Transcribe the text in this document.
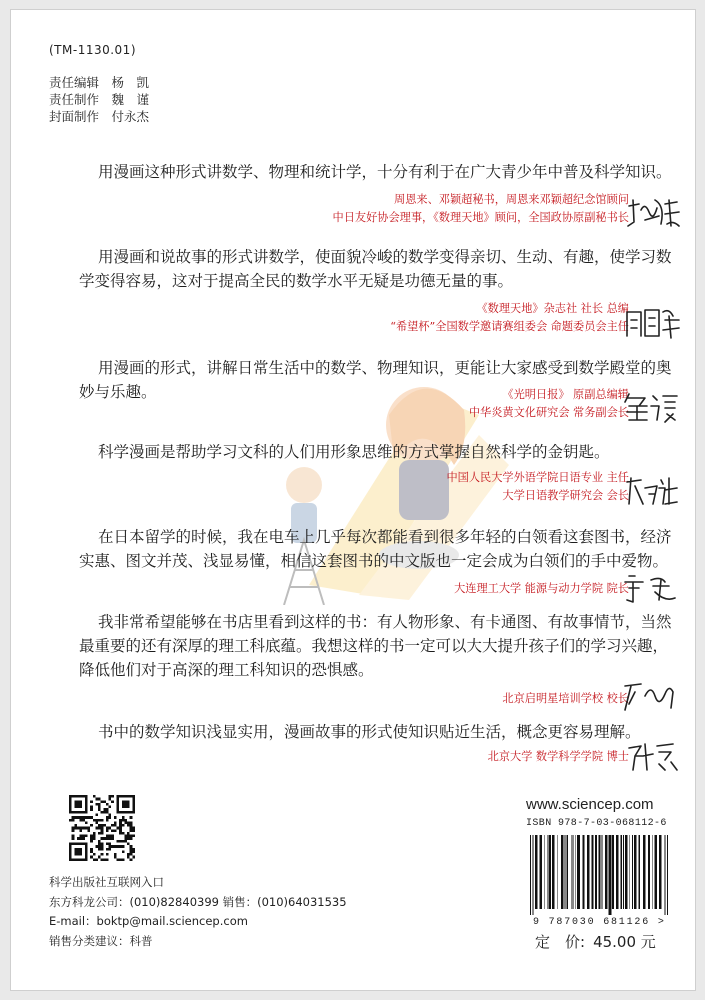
(TM-1130.01)
责任编辑　 杨　凯
责任制作　 魏　谨
封面制作　 付永杰
用漫画这种形式讲数学、物理和统计学，十分有利于在广大青少年中普及科学知识。
周恩来、邓颖超秘书，周恩来邓颖超纪念馆顾问
中日友好协会理事，《数理天地》顾问，全国政协原副秘书长
用漫画和说故事的形式讲数学，使面貌冷峻的数学变得亲切、生动、有趣，使学习数学变得容易，这对于提高全民的数学水平无疑是功德无量的事。
《数理天地》杂志社 社长 总编
“希望杯”全国数学邀请赛组委会 命题委员会主任
用漫画的形式，讲解日常生活中的数学、物理知识，更能让大家感受到数学殿堂的奥妙与乐趣。	《光明日报》 原副总编辑
中华炎黄文化研究会 常务副会长
科学漫画是帮助学习文科的人们用形象思维的方式掌握自然科学的金钥匙。
中国人民大学外语学院日语专业 主任
大学日语教学研究会 会长
在日本留学的时候，我在电车上几乎每次都能看到很多年轻的白领看这套图书，经济实惠、图文并茂、浅显易懂，相信这套图书的中文版也一定会成为白领们的手中爱物。
大连理工大学 能源与动力学院 院长
我非常希望能够在书店里看到这样的书：有人物形象、有卡通图、有故事情节，当然最重要的还有深厚的理工科底蕴。我想这样的书一定可以大大提升孩子们的学习兴趣，降低他们对于高深的理工科知识的恐惧感。
北京启明星培训学校 校长
书中的数学知识浅显实用，漫画故事的形式使知识贴近生活，概念更容易理解。
北京大学 数学科学学院 博士
科学出版社互联网入口
东方科龙公司：(010)82840399 销售：(010)64031535
E-mail：boktp@mail.sciencep.com
销售分类建议：科普
www.sciencep.com
ISBN 978-7-03-068112-6
9 787030 681126 >
定　价: 45.00 元
